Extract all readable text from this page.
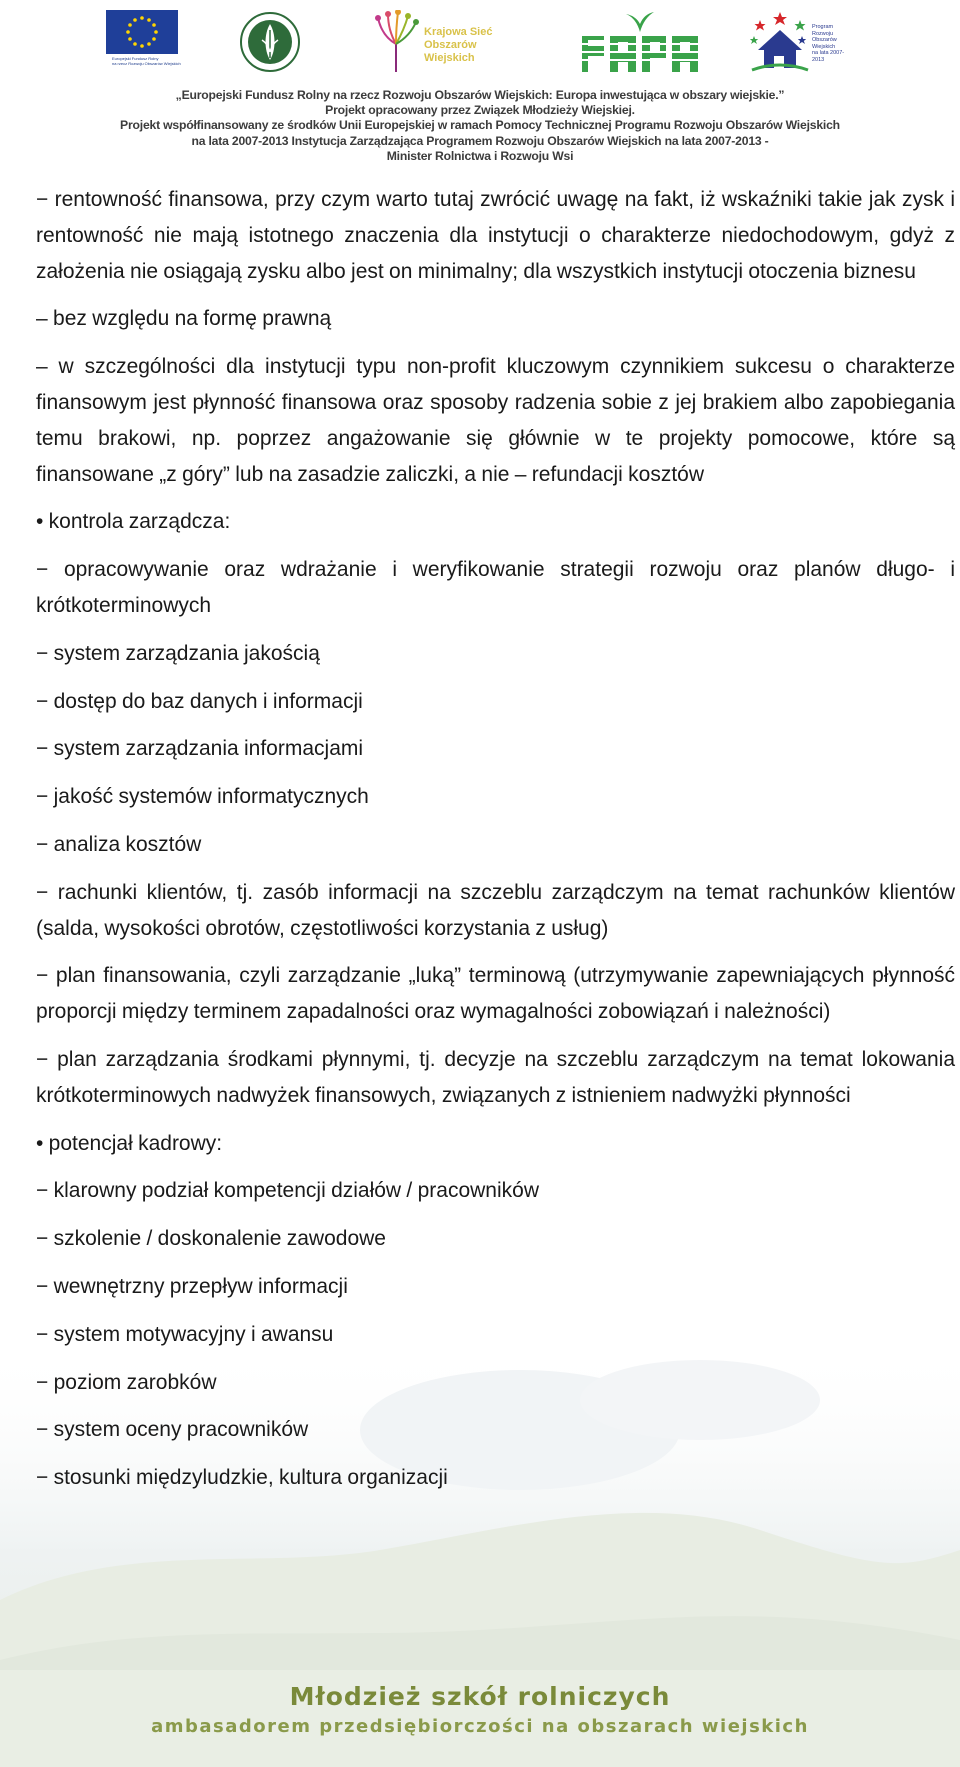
Europejski Fundusz Rolny
na rzecz Rozwoju Obszarów Wiejskich
Krajowa Sieć
Obszarów Wiejskich
Program
Rozwoju
Obszarów
Wiejskich
na lata 2007-2013
„Europejski Fundusz Rolny na rzecz Rozwoju Obszarów Wiejskich: Europa inwestująca w obszary wiejskie.”
Projekt opracowany przez Związek Młodzieży Wiejskiej.
Projekt współfinansowany ze środków Unii Europejskiej w ramach Pomocy Technicznej Programu Rozwoju Obszarów Wiejskich
na lata 2007-2013 Instytucja Zarządzająca Programem Rozwoju Obszarów Wiejskich na lata 2007-2013 -
Minister Rolnictwa i Rozwoju Wsi

− rentowność finansowa, przy czym warto tutaj zwrócić uwagę na fakt, iż wskaźniki takie jak zysk i rentowność nie mają istotnego znaczenia dla instytucji o charakterze niedochodowym, gdyż z założenia nie osiągają zysku albo jest on minimalny; dla wszystkich instytucji otoczenia biznesu

– bez względu na formę prawną

– w szczególności dla instytucji typu non-profit kluczowym czynnikiem sukcesu o charakterze finansowym jest płynność finansowa oraz sposoby radzenia sobie z jej brakiem albo zapobiegania temu brakowi, np. poprzez angażowanie się głównie w te projekty pomocowe, które są finansowane „z góry” lub na zasadzie zaliczki, a nie – refundacji kosztów

• kontrola zarządcza:

− opracowywanie oraz wdrażanie i weryfikowanie strategii rozwoju oraz planów długo- i krótkoterminowych

− system zarządzania jakością

− dostęp do baz danych i informacji

− system zarządzania informacjami

− jakość systemów informatycznych

− analiza kosztów

− rachunki klientów, tj. zasób informacji na szczeblu zarządczym na temat rachunków klientów (salda, wysokości obrotów, częstotliwości korzystania z usług)

− plan finansowania, czyli zarządzanie „luką” terminową (utrzymywanie zapewniających płynność proporcji między terminem zapadalności oraz wymagalności zobowiązań i należności)

− plan zarządzania środkami płynnymi, tj. decyzje na szczeblu zarządczym na temat lokowania krótkoterminowych nadwyżek finansowych, związanych z istnieniem nadwyżki płynności

• potencjał kadrowy:

− klarowny podział kompetencji działów / pracowników

− szkolenie / doskonalenie zawodowe

− wewnętrzny przepływ informacji

− system motywacyjny i awansu

− poziom zarobków

− system oceny pracowników

− stosunki międzyludzkie, kultura organizacji

Młodzież szkół rolniczych
ambasadorem przedsiębiorczości na obszarach wiejskich
